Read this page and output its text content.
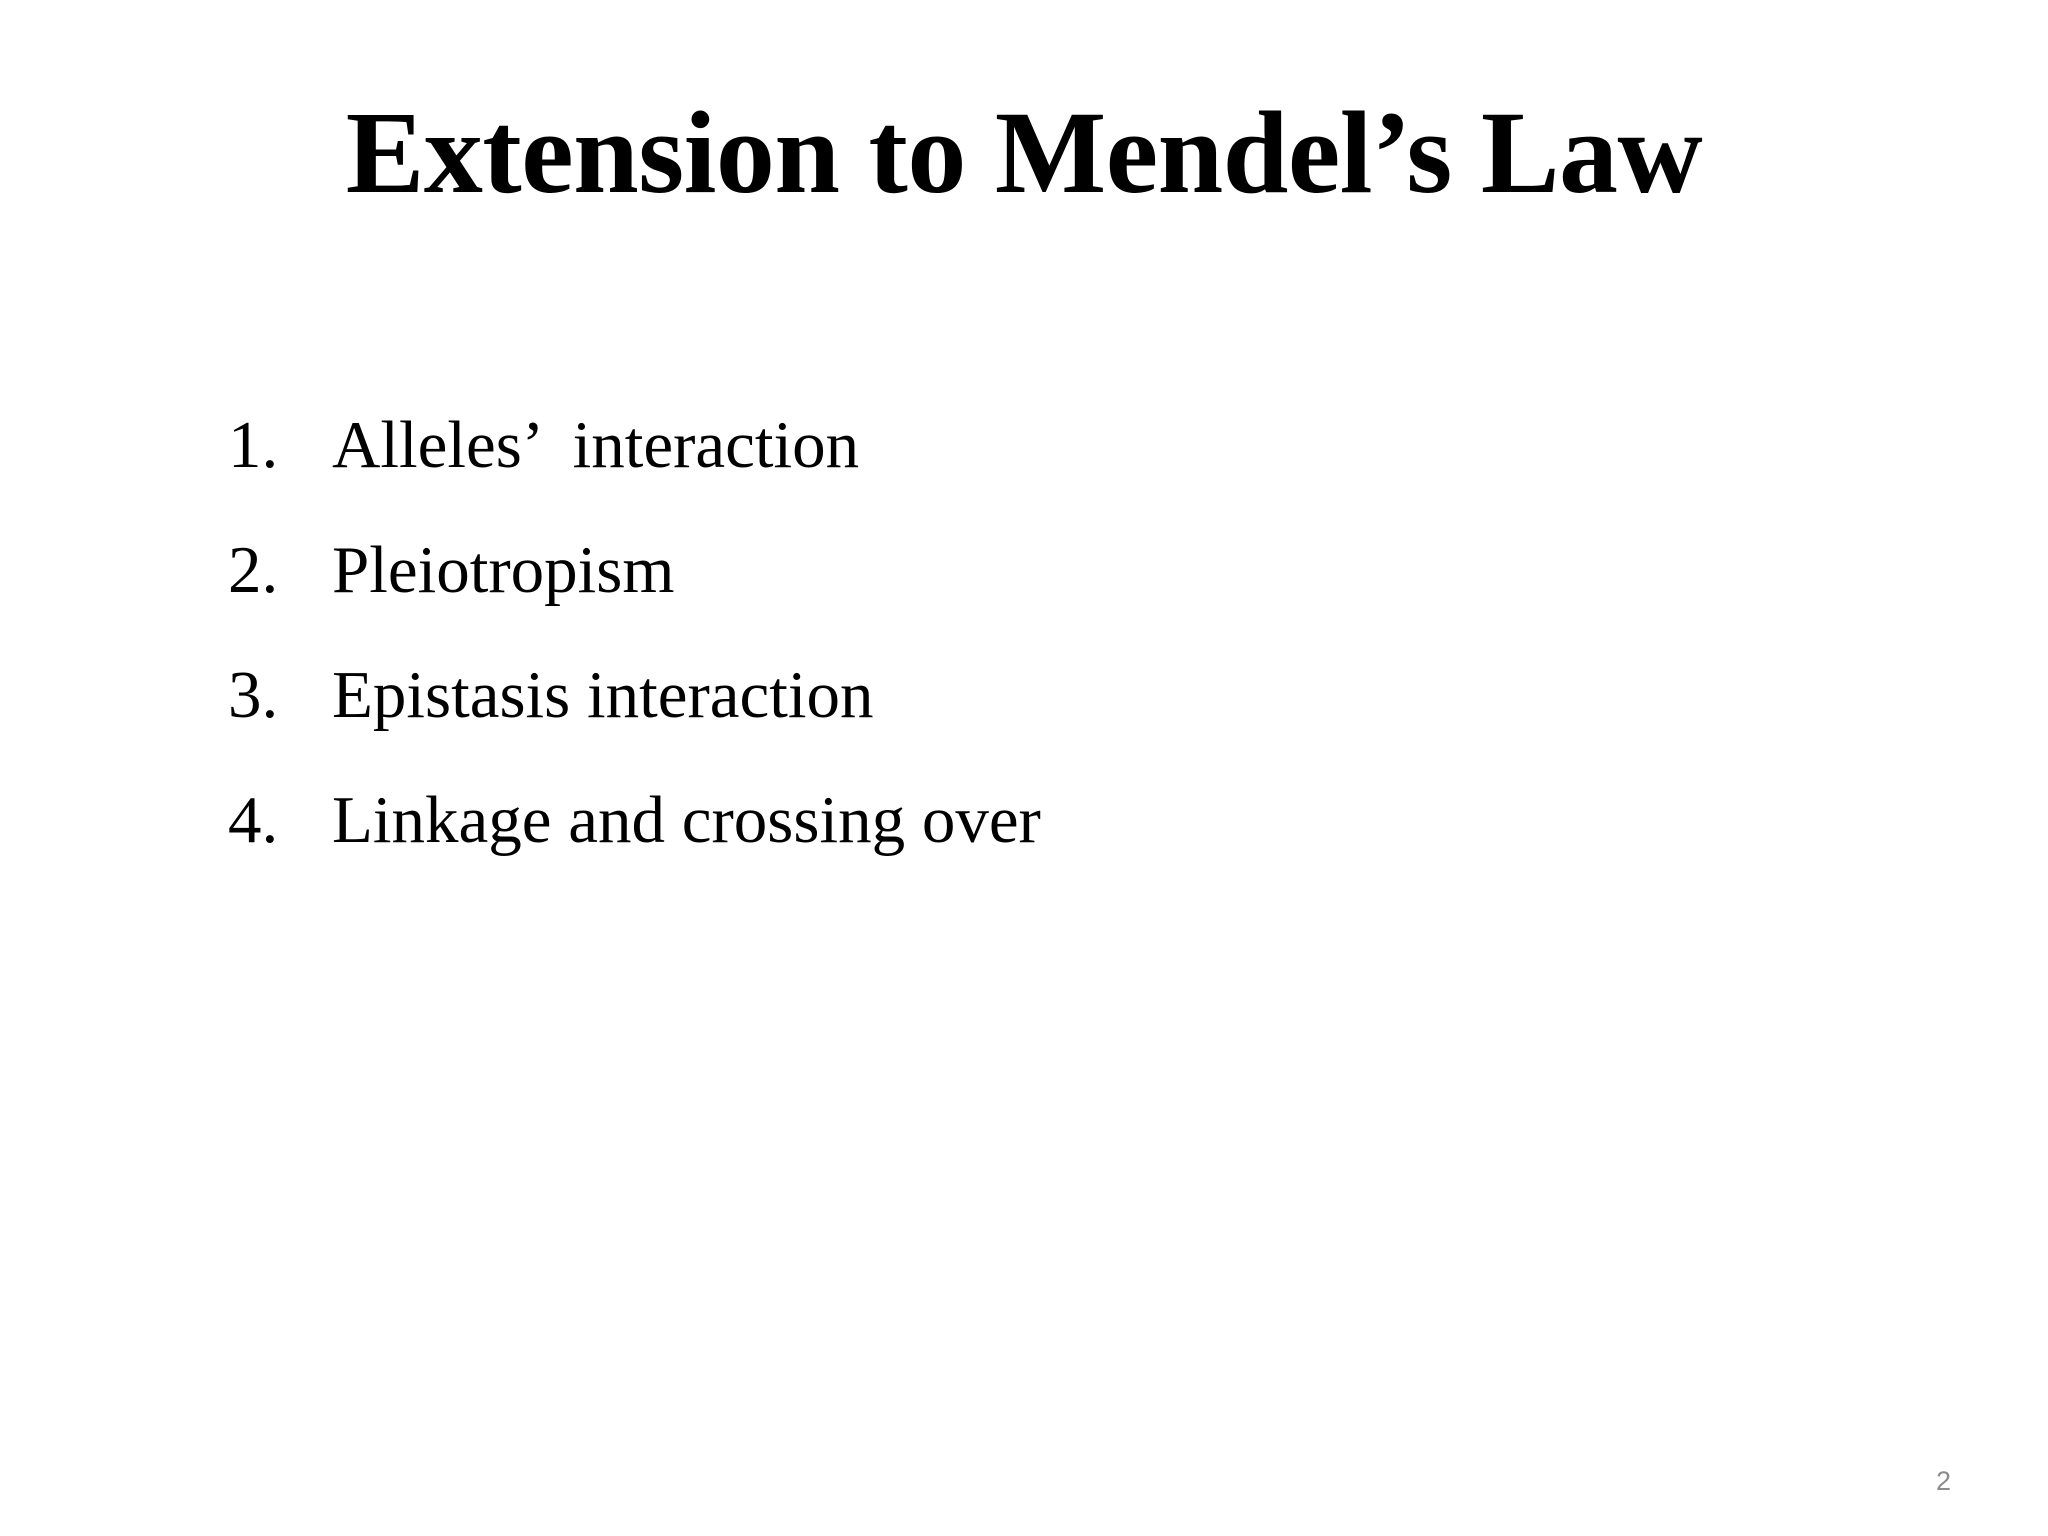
Extension to Mendel’s Law
1. Alleles’  interaction
2. Pleiotropism
3. Epistasis interaction
4. Linkage and crossing over
2
